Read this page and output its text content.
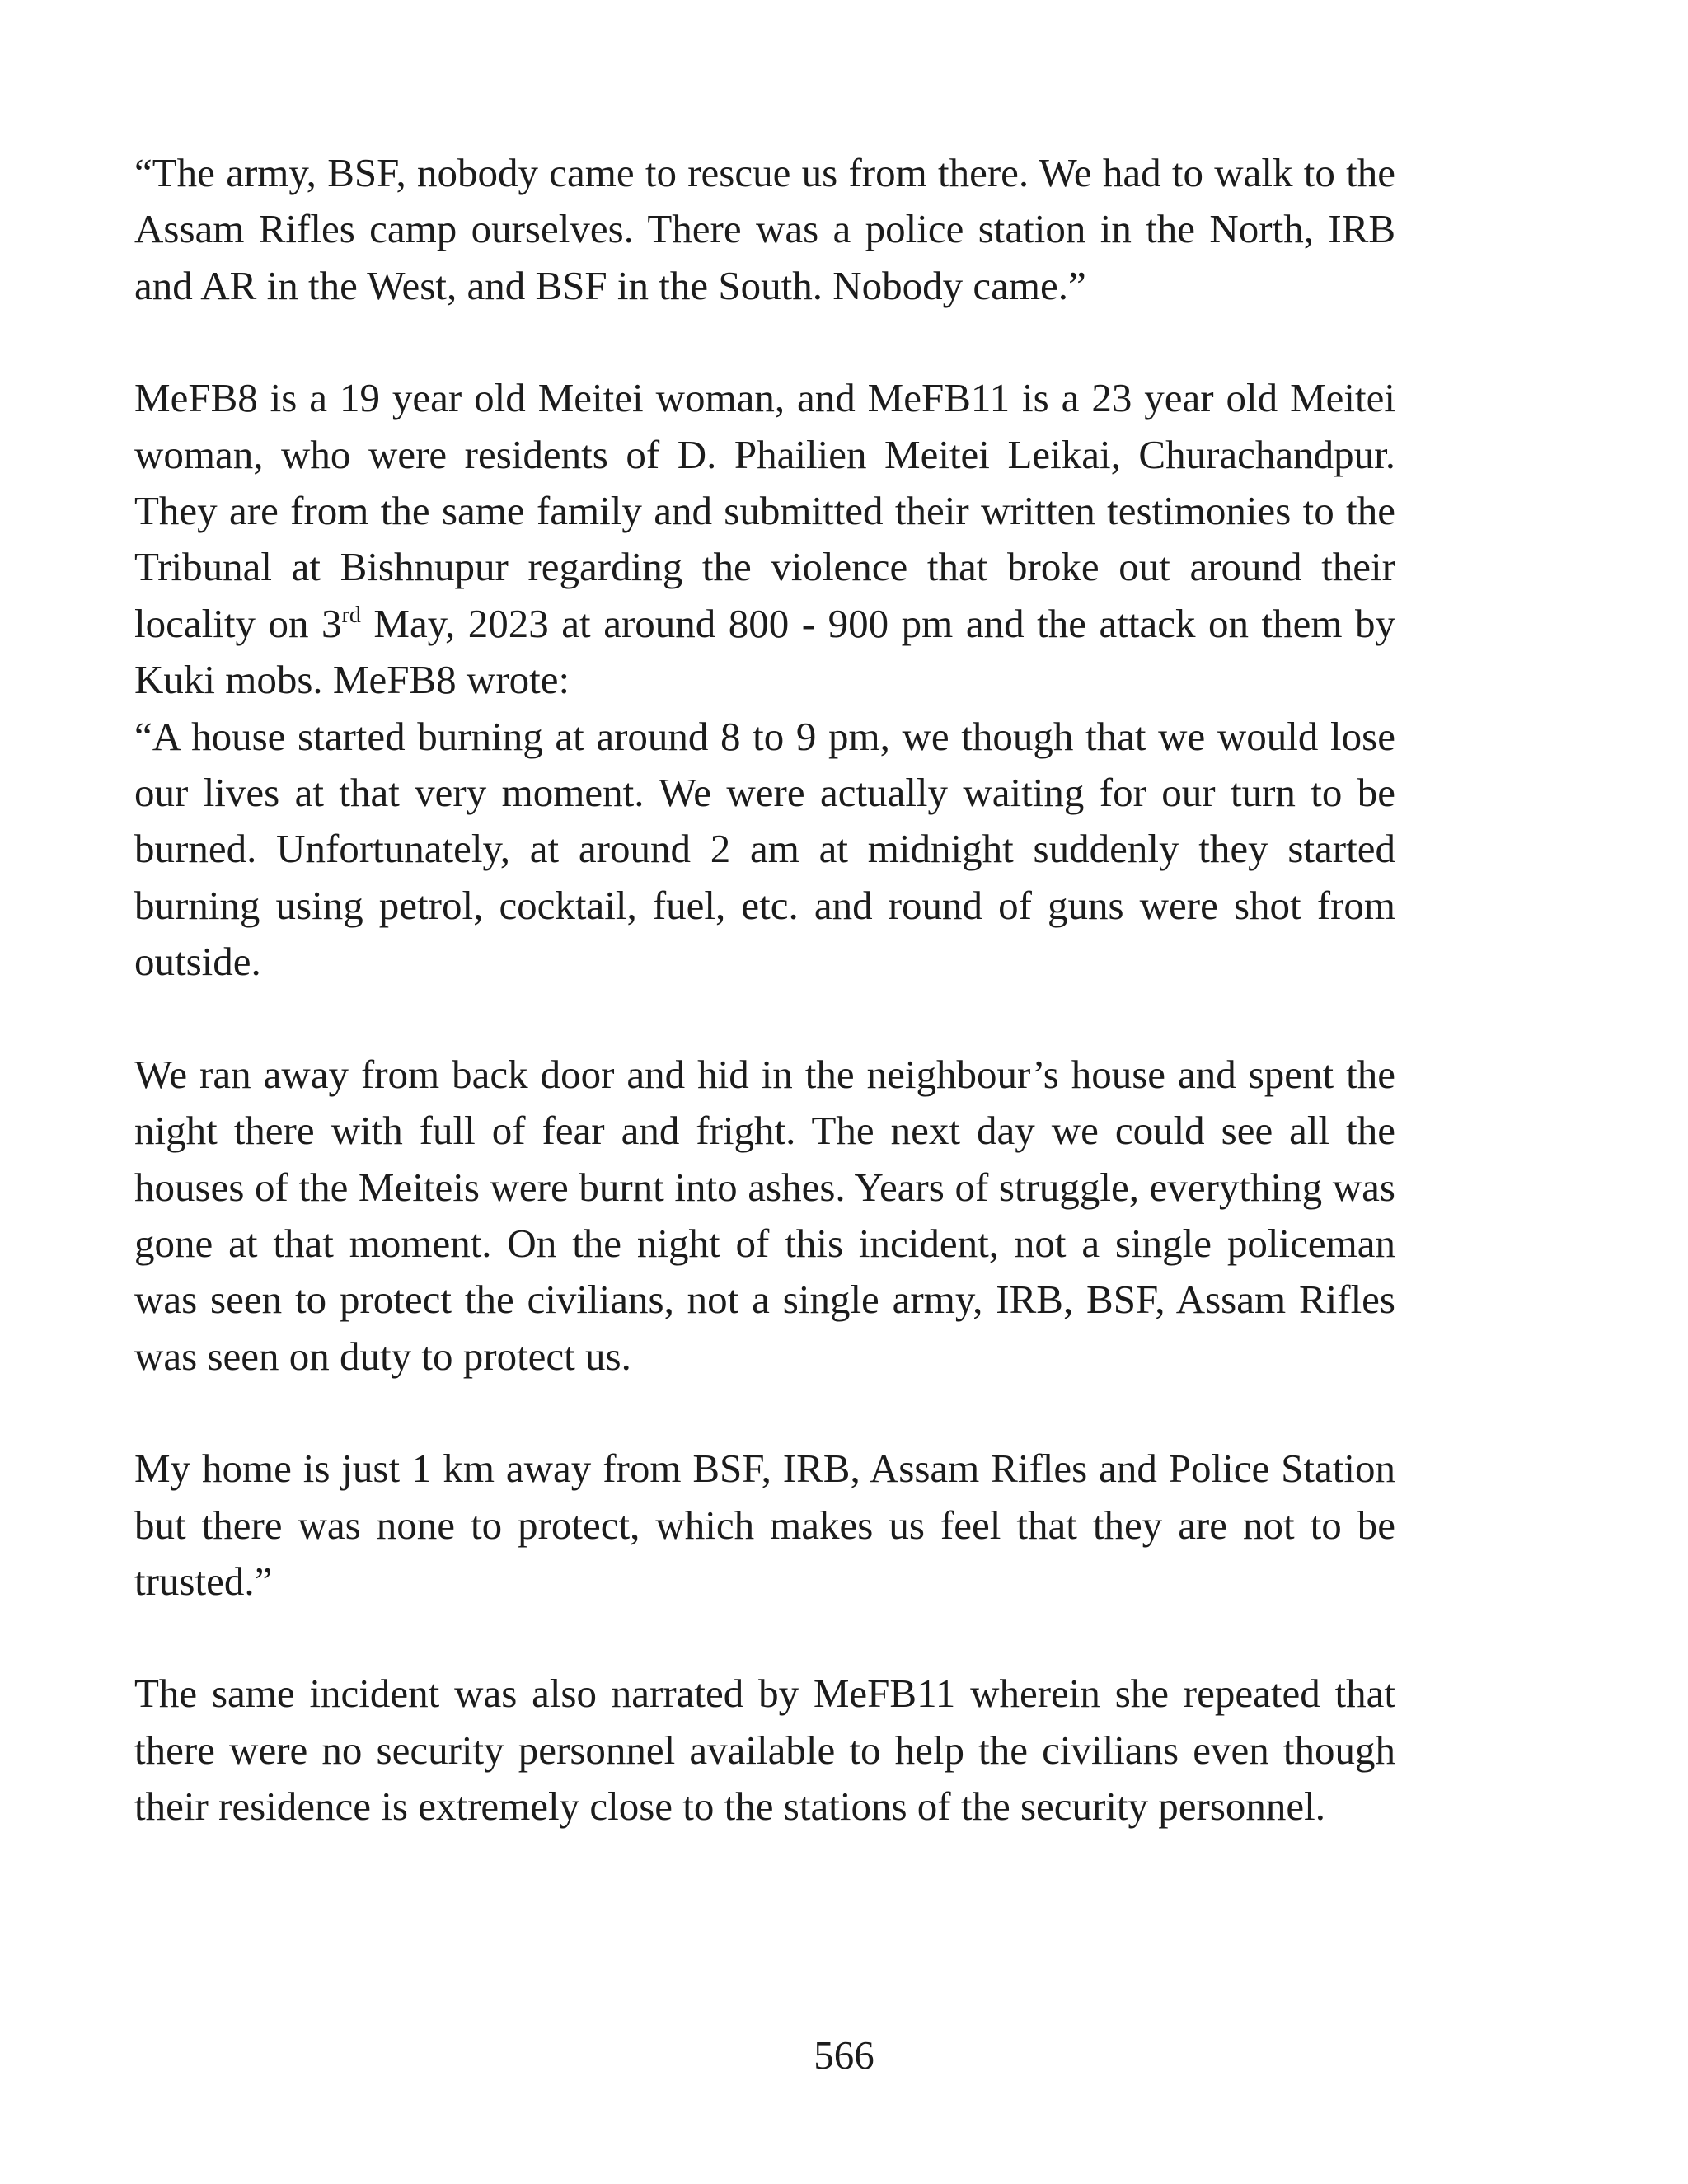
“The army, BSF, nobody came to rescue us from there. We had to walk to the Assam Rifles camp ourselves. There was a police station in the North, IRB and AR in the West, and BSF in the South. Nobody came.”

MeFB8 is a 19 year old Meitei woman, and MeFB11 is a 23 year old Meitei woman, who were residents of D. Phailien Meitei Leikai, Churachandpur. They are from the same family and submitted their written testimonies to the Tribunal at Bishnupur regarding the violence that broke out around their locality on 3rd May, 2023 at around 800 - 900 pm and the attack on them by Kuki mobs. MeFB8 wrote:

“A house started burning at around 8 to 9 pm, we though that we would lose our lives at that very moment. We were actually waiting for our turn to be burned. Unfortunately, at around 2 am at midnight suddenly they started burning using petrol, cocktail, fuel, etc. and round of guns were shot from outside.

We ran away from back door and hid in the neighbour’s house and spent the night there with full of fear and fright. The next day we could see all the houses of the Meiteis were burnt into ashes. Years of struggle, everything was gone at that moment. On the night of this incident, not a single policeman was seen to protect the civilians, not a single army, IRB, BSF, Assam Rifles was seen on duty to protect us.

My home is just 1 km away from BSF, IRB, Assam Rifles and Police Station but there was none to protect, which makes us feel that they are not to be trusted.”

The same incident was also narrated by MeFB11 wherein she repeated that there were no security personnel available to help the civilians even though their residence is extremely close to the stations of the security personnel.

566
